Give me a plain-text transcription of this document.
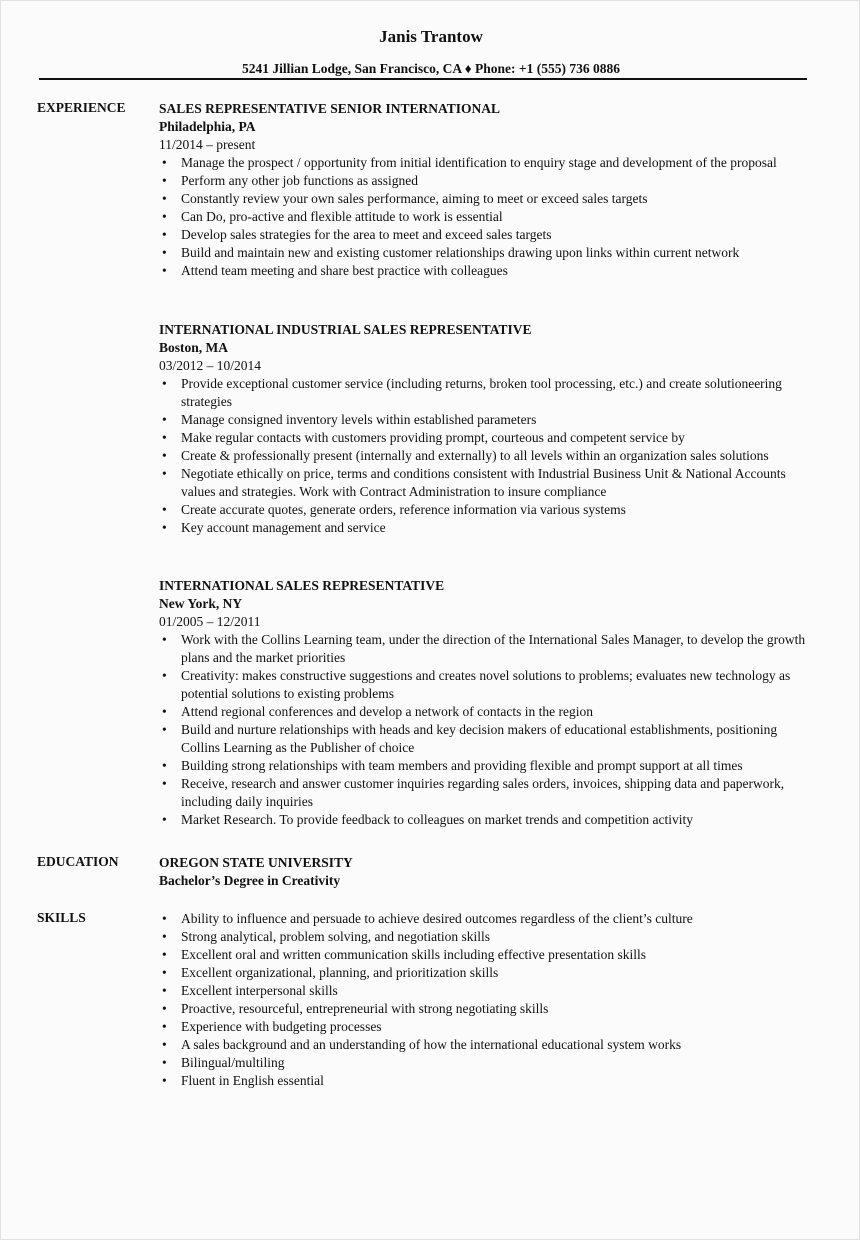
Janis Trantow
5241 Jillian Lodge, San Francisco, CA ♦ Phone: +1 (555) 736 0886
EXPERIENCE SALES REPRESENTATIVE SENIOR INTERNATIONAL
Philadelphia, PA
11/2014 – present
• Manage the prospect / opportunity from initial identification to enquiry stage and development of the proposal
• Perform any other job functions as assigned
• Constantly review your own sales performance, aiming to meet or exceed sales targets
• Can Do, pro-active and flexible attitude to work is essential
• Develop sales strategies for the area to meet and exceed sales targets
• Build and maintain new and existing customer relationships drawing upon links within current network
• Attend team meeting and share best practice with colleagues
INTERNATIONAL INDUSTRIAL SALES REPRESENTATIVE
Boston, MA
03/2012 – 10/2014
• Provide exceptional customer service (including returns, broken tool processing, etc.) and create solutioneering strategies
• Manage consigned inventory levels within established parameters
• Make regular contacts with customers providing prompt, courteous and competent service by
• Create & professionally present (internally and externally) to all levels within an organization sales solutions
• Negotiate ethically on price, terms and conditions consistent with Industrial Business Unit & National Accounts values and strategies. Work with Contract Administration to insure compliance
• Create accurate quotes, generate orders, reference information via various systems
• Key account management and service
INTERNATIONAL SALES REPRESENTATIVE
New York, NY
01/2005 – 12/2011
• Work with the Collins Learning team, under the direction of the International Sales Manager, to develop the growth plans and the market priorities
• Creativity: makes constructive suggestions and creates novel solutions to problems; evaluates new technology as potential solutions to existing problems
• Attend regional conferences and develop a network of contacts in the region
• Build and nurture relationships with heads and key decision makers of educational establishments, positioning Collins Learning as the Publisher of choice
• Building strong relationships with team members and providing flexible and prompt support at all times
• Receive, research and answer customer inquiries regarding sales orders, invoices, shipping data and paperwork, including daily inquiries
• Market Research. To provide feedback to colleagues on market trends and competition activity
EDUCATION	OREGON STATE UNIVERSITY
Bachelor’s Degree in Creativity
SKILLS
•	Ability to influence and persuade to achieve desired outcomes regardless of the client’s culture
• Strong analytical, problem solving, and negotiation skills
• Excellent oral and written communication skills including effective presentation skills
• Excellent organizational, planning, and prioritization skills
• Excellent interpersonal skills
• Proactive, resourceful, entrepreneurial with strong negotiating skills
• Experience with budgeting processes
• A sales background and an understanding of how the international educational system works
• Bilingual/multiling
• Fluent in English essential
